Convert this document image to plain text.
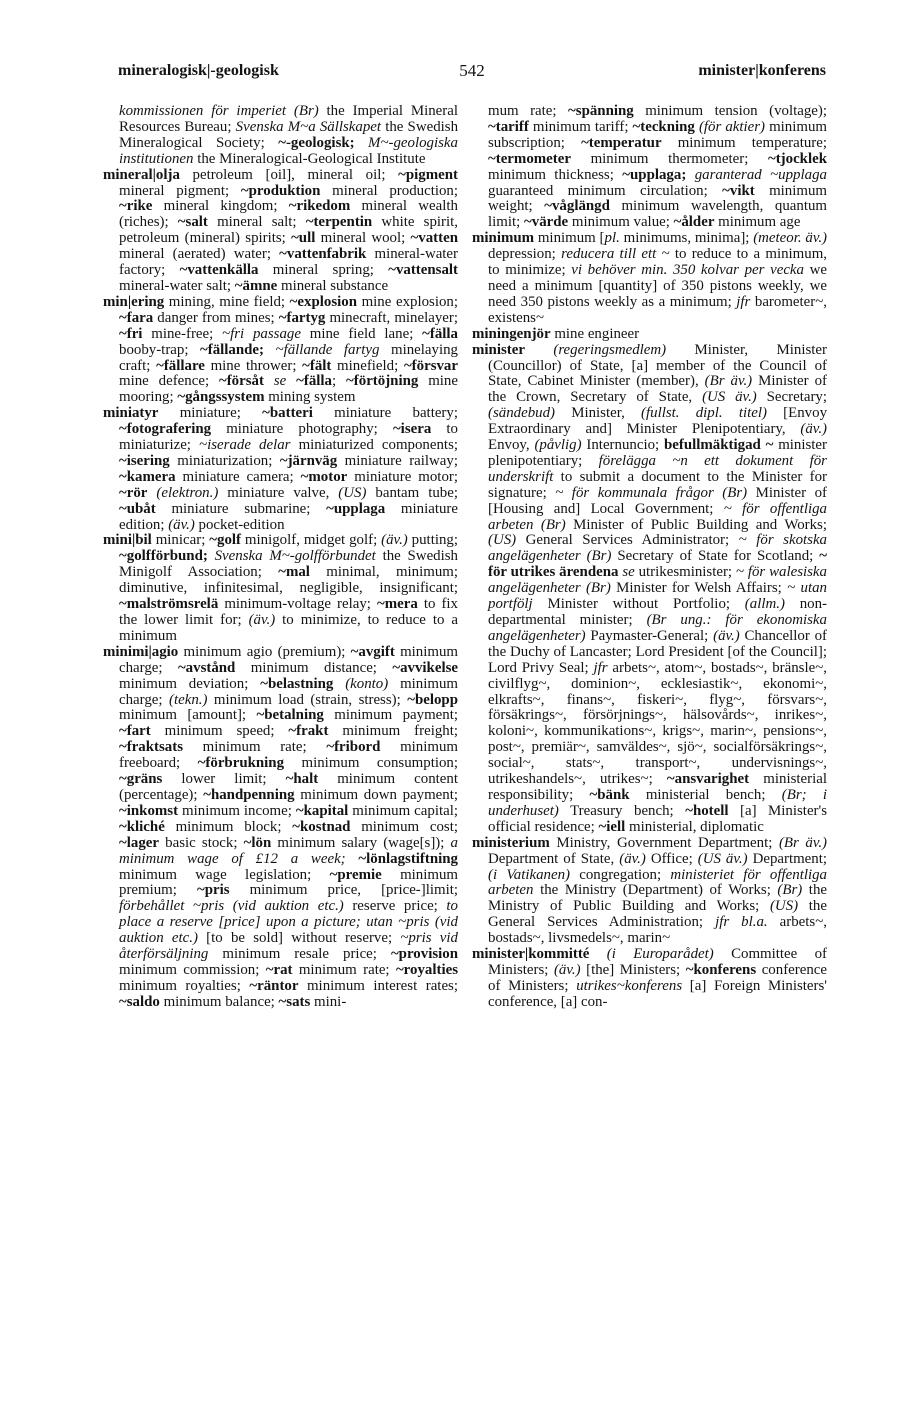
mineralogisk|-geologisk	542	minister|konferens

kommissionen för imperiet (Br) the Imperial Mineral Resources Bureau; Svenska M~a Sällskapet the Swedish Mineralogical Society; ~-geologisk; M~-geologiska institutionen the Mineralogical-Geological Institute

mineral|olja petroleum [oil], mineral oil; ~pigment mineral pigment; ~produktion mineral production; ~rike mineral kingdom; ~rikedom mineral wealth (riches); ~salt mineral salt; ~terpentin white spirit, petroleum (mineral) spirits; ~ull mineral wool; ~vatten mineral (aerated) water; ~vattenfabrik mineral-water factory; ~vattenkälla mineral spring; ~vattensalt mineral-water salt; ~ämne mineral substance

min|ering mining, mine field; ~explosion mine explosion; ~fara danger from mines; ~fartyg minecraft, minelayer; ~fri mine-free; ~fri passage mine field lane; ~fälla booby-trap; ~fällande; ~fällande fartyg minelaying craft; ~fällare mine thrower; ~fält minefield; ~försvar mine defence; ~försåt se ~fälla; ~förtöjning mine mooring; ~gångssystem mining system

miniatyr miniature; ~batteri miniature battery; ~fotografering miniature photography; ~isera to miniaturize; ~iserade delar miniaturized components; ~isering miniaturization; ~järnväg miniature railway; ~kamera miniature camera; ~motor miniature motor; ~rör (elektron.) miniature valve, (US) bantam tube; ~ubåt miniature submarine; ~upplaga miniature edition; (äv.) pocket-edition

mini|bil minicar; ~golf minigolf, midget golf; (äv.) putting; ~golfförbund; Svenska M~-golfförbundet the Swedish Minigolf Association; ~mal minimal, minimum; diminutive, infinitesimal, negligible, insignificant; ~malströmsrelä minimum-voltage relay; ~mera to fix the lower limit for; (äv.) to minimize, to reduce to a minimum

minimi|agio minimum agio (premium); ~avgift minimum charge; ~avstånd minimum distance; ~avvikelse minimum deviation; ~belastning (konto) minimum charge; (tekn.) minimum load (strain, stress); ~belopp minimum [amount]; ~betalning minimum payment; ~fart minimum speed; ~frakt minimum freight; ~fraktsats minimum rate; ~fribord minimum freeboard; ~förbrukning minimum consumption; ~gräns lower limit; ~halt minimum content (percentage); ~handpenning minimum down payment; ~inkomst minimum income; ~kapital minimum capital; ~kliché minimum block; ~kostnad minimum cost; ~lager basic stock; ~lön minimum salary (wage[s]); a minimum wage of £12 a week; ~lönlagstiftning minimum wage legislation; ~premie minimum premium; ~pris minimum price, [price-]limit; förbehållet ~pris (vid auktion etc.) reserve price; to place a reserve [price] upon a picture; utan ~pris (vid auktion etc.) [to be sold] without reserve; ~pris vid återförsäljning minimum resale price; ~provision minimum commission; ~rat minimum rate; ~royalties minimum royalties; ~räntor minimum interest rates; ~saldo minimum balance; ~sats mini-

mum rate; ~spänning minimum tension (voltage); ~tariff minimum tariff; ~teckning (för aktier) minimum subscription; ~temperatur minimum temperature; ~termometer minimum thermometer; ~tjocklek minimum thickness; ~upplaga; garanterad ~upplaga guaranteed minimum circulation; ~vikt minimum weight; ~våglängd minimum wavelength, quantum limit; ~värde minimum value; ~ålder minimum age

minimum minimum [pl. minimums, minima]; (meteor. äv.) depression; reducera till ett ~ to reduce to a minimum, to minimize; vi behöver min. 350 kolvar per vecka we need a minimum [quantity] of 350 pistons weekly, we need 350 pistons weekly as a minimum; jfr barometer~, existens~

miningenjör mine engineer

minister (regeringsmedlem) Minister, Minister (Councillor) of State, [a] member of the Council of State, Cabinet Minister (member), (Br äv.) Minister of the Crown, Secretary of State, (US äv.) Secretary; (sändebud) Minister, (fullst. dipl. titel) [Envoy Extraordinary and] Minister Plenipotentiary, (äv.) Envoy, (påvlig) Internuncio; befullmäktigad ~ minister plenipotentiary; förelägga ~n ett dokument för underskrift to submit a document to the Minister for signature; ~ för kommunala frågor (Br) Minister of [Housing and] Local Government; ~ för offentliga arbeten (Br) Minister of Public Building and Works; (US) General Services Administrator; ~ för skotska angelägenheter (Br) Secretary of State for Scotland; ~ för utrikes ärendena se utrikesminister; ~ för walesiska angelägenheter (Br) Minister for Welsh Affairs; ~ utan portfölj Minister without Portfolio; (allm.) non-departmental minister; (Br ung.: för ekonomiska angelägenheter) Paymaster-General; (äv.) Chancellor of the Duchy of Lancaster; Lord President [of the Council]; Lord Privy Seal; jfr arbets~, atom~, bostads~, bränsle~, civilflyg~, dominion~, ecklesiastik~, ekonomi~, elkrafts~, finans~, fiskeri~, flyg~, försvars~, försäkrings~, försörjnings~, hälsovårds~, inrikes~, koloni~, kommunikations~, krigs~, marin~, pensions~, post~, premiär~, samväldes~, sjö~, socialförsäkrings~, social~, stats~, transport~, undervisnings~, utrikeshandels~, utrikes~; ~ansvarighet ministerial responsibility; ~bänk ministerial bench; (Br; i underhuset) Treasury bench; ~hotell [a] Minister's official residence; ~iell ministerial, diplomatic

ministerium Ministry, Government Department; (Br äv.) Department of State, (äv.) Office; (US äv.) Department; (i Vatikanen) congregation; ministeriet för offentliga arbeten the Ministry (Department) of Works; (Br) the Ministry of Public Building and Works; (US) the General Services Administration; jfr bl.a. arbets~, bostads~, livsmedels~, marin~

minister|kommitté (i Europarådet) Committee of Ministers; (äv.) [the] Ministers; ~konferens conference of Ministers; utrikes~konferens [a] Foreign Ministers' conference, [a] con-
